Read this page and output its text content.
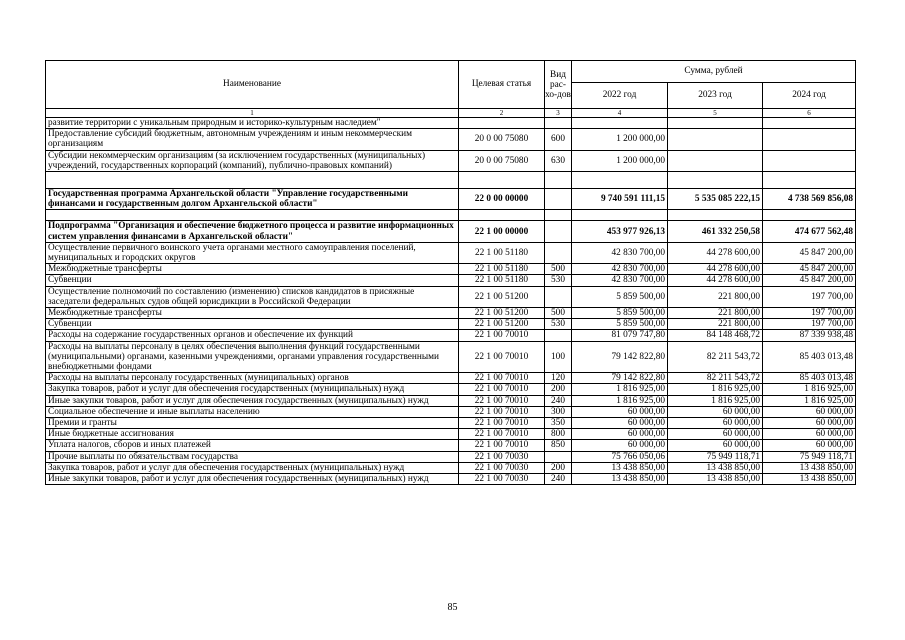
Наименование	Целевая статья	Вид рас-хо-дов	Сумма, рублей		
			2022 год	2023 год	2024 год
1	2	3	4	5	6
развитие территории с уникальным природным и историко-культурным наследием"					
Предоставление субсидий бюджетным, автономным учреждениям и иным некоммерческим организациям	20 0 00 75080	600	1 200 000,00		
Субсидии некоммерческим организациям (за исключением государственных (муниципальных) учреждений, государственных корпораций (компаний), публично-правовых компаний)	20 0 00 75080	630	1 200 000,00		

Государственная программа Архангельской области "Управление государственными финансами и государственным долгом Архангельской области"	22 0 00 00000		9 740 591 111,15	5 535 085 222,15	4 738 569 856,08

Подпрограмма "Организация и обеспечение бюджетного процесса и развитие информационных систем управления финансами в Архангельской области"	22 1 00 00000		453 977 926,13	461 332 250,58	474 677 562,48
Осуществление первичного воинского учета органами местного самоуправления поселений, муниципальных и городских округов	22 1 00 51180		42 830 700,00	44 278 600,00	45 847 200,00
Межбюджетные трансферты	22 1 00 51180	500	42 830 700,00	44 278 600,00	45 847 200,00
Субвенции	22 1 00 51180	530	42 830 700,00	44 278 600,00	45 847 200,00
Осуществление полномочий по составлению (изменению) списков кандидатов в присяжные заседатели федеральных судов общей юрисдикции в Российской Федерации	22 1 00 51200		5 859 500,00	221 800,00	197 700,00
Межбюджетные трансферты	22 1 00 51200	500	5 859 500,00	221 800,00	197 700,00
Субвенции	22 1 00 51200	530	5 859 500,00	221 800,00	197 700,00
Расходы на содержание государственных органов и обеспечение их функций	22 1 00 70010		81 079 747,80	84 148 468,72	87 339 938,48
Расходы на выплаты персоналу в целях обеспечения выполнения функций государственными (муниципальными) органами, казенными учреждениями, органами управления государственными внебюджетными фондами	22 1 00 70010	100	79 142 822,80	82 211 543,72	85 403 013,48
Расходы на выплаты персоналу государственных (муниципальных) органов	22 1 00 70010	120	79 142 822,80	82 211 543,72	85 403 013,48
Закупка товаров, работ и услуг для обеспечения государственных (муниципальных) нужд	22 1 00 70010	200	1 816 925,00	1 816 925,00	1 816 925,00
Иные закупки товаров, работ и услуг для обеспечения государственных (муниципальных) нужд	22 1 00 70010	240	1 816 925,00	1 816 925,00	1 816 925,00
Социальное обеспечение и иные выплаты населению	22 1 00 70010	300	60 000,00	60 000,00	60 000,00
Премии и гранты	22 1 00 70010	350	60 000,00	60 000,00	60 000,00
Иные бюджетные ассигнования	22 1 00 70010	800	60 000,00	60 000,00	60 000,00
Уплата налогов, сборов и иных платежей	22 1 00 70010	850	60 000,00	60 000,00	60 000,00
Прочие выплаты по обязательствам государства	22 1 00 70030		75 766 050,06	75 949 118,71	75 949 118,71
Закупка товаров, работ и услуг для обеспечения государственных (муниципальных) нужд	22 1 00 70030	200	13 438 850,00	13 438 850,00	13 438 850,00
Иные закупки товаров, работ и услуг для обеспечения государственных (муниципальных) нужд	22 1 00 70030	240	13 438 850,00	13 438 850,00	13 438 850,00
85
